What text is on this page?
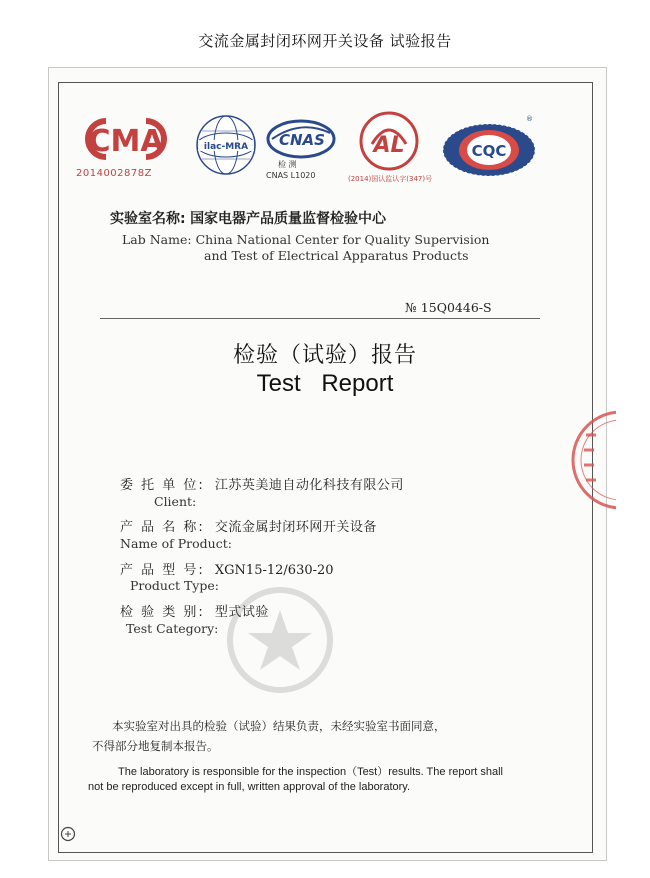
交流金属封闭环网开关设备 试验报告
CMA
2014002878Z
ilac-MRA CNAS
检 测
CNAS L1020
AL
(2014)国认监认字(347)号
CQC
®
实验室名称: 国家电器产品质量监督检验中心
Lab Name: China National Center for Quality Supervision
and Test of Electrical Apparatus Products
№ 15Q0446-S
检验（试验）报告
Test Report
委 托 单 位: 江苏英美迪自动化科技有限公司
Client:
产 品 名 称: 交流金属封闭环网开关设备
Name of Product:
产 品 型 号: XGN15-12/630-20
Product Type:
检 验 类 别: 型式试验
Test Category:
本实验室对出具的检验（试验）结果负责，未经实验室书面同意，
不得部分地复制本报告。
The laboratory is responsible for the inspection（Test）results. The report shall
not be reproduced except in full, written approval of the laboratory.
